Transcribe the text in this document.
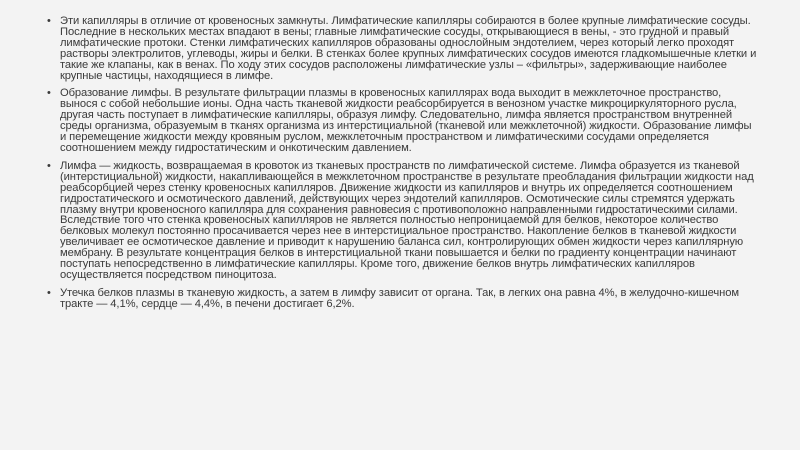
• Эти капилляры в отличие от кровеносных замкнуты. Лимфатические капилляры собираются в более крупные лимфатические сосуды. Последние в нескольких местах впадают в вены; главные лимфатические сосуды, открывающиеся в вены, - это грудной и правый лимфатические протоки. Стенки лимфатических капилляров образованы однослойным эндотелием, через который легко проходят растворы электролитов, углеводы, жиры и белки. В стенках более крупных лимфатических сосудов имеются гладкомышечные клетки и такие же клапаны, как в венах. По ходу этих сосудов расположены лимфатические узлы – «фильтры», задерживающие наиболее крупные частицы, находящиеся в лимфе.
• Образование лимфы. В результате фильтрации плазмы в кровеносных капиллярах вода выходит в межклеточное пространство, вынося с собой небольшие ионы. Одна часть тканевой жидкости реабсорбируется в венозном участке микроциркуляторного русла, другая часть поступает в лимфатические капилляры, образуя лимфу. Следовательно, лимфа является пространством внутренней среды организма, образуемым в тканях организма из интерстициальной (тканевой или межклеточной) жидкости. Образование лимфы и перемещение жидкости между кровяным руслом, межклеточным пространством и лимфатическими сосудами определяется соотношением между гидростатическим и онкотическим давлением.
• Лимфа — жидкость, возвращаемая в кровоток из тканевых пространств по лимфатической системе. Лимфа образуется из тканевой (интерстициальной) жидкости, накапливающейся в межклеточном пространстве в результате преобладания фильтрации жидкости над реабсорбцией через стенку кровеносных капилляров. Движение жидкости из капилляров и внутрь их определяется соотношением гидростатического и осмотического давлений, действующих через эндотелий капилляров. Осмотические силы стремятся удержать плазму внутри кровеносного капилляра для сохранения равновесия с противоположно направленными гидростатическими силами. Вследствие того что стенка кровеносных капилляров не является полностью непроницаемой для белков, некоторое количество белковых молекул постоянно просачивается через нее в интерстициальное пространство. Накопление белков в тканевой жидкости увеличивает ее осмотическое давление и приводит к нарушению баланса сил, контролирующих обмен жидкости через капиллярную мембрану. В результате концентрация белков в интерстициальной ткани повышается и белки по градиенту концентрации начинают поступать непосредственно в лимфатические капилляры. Кроме того, движение белков внутрь лимфатических капилляров осуществляется посредством пиноцитоза.
• Утечка белков плазмы в тканевую жидкость, а затем в лимфу зависит от органа. Так, в легких она равна 4%, в желудочно-кишечном тракте — 4,1%, сердце — 4,4%, в печени достигает 6,2%.
